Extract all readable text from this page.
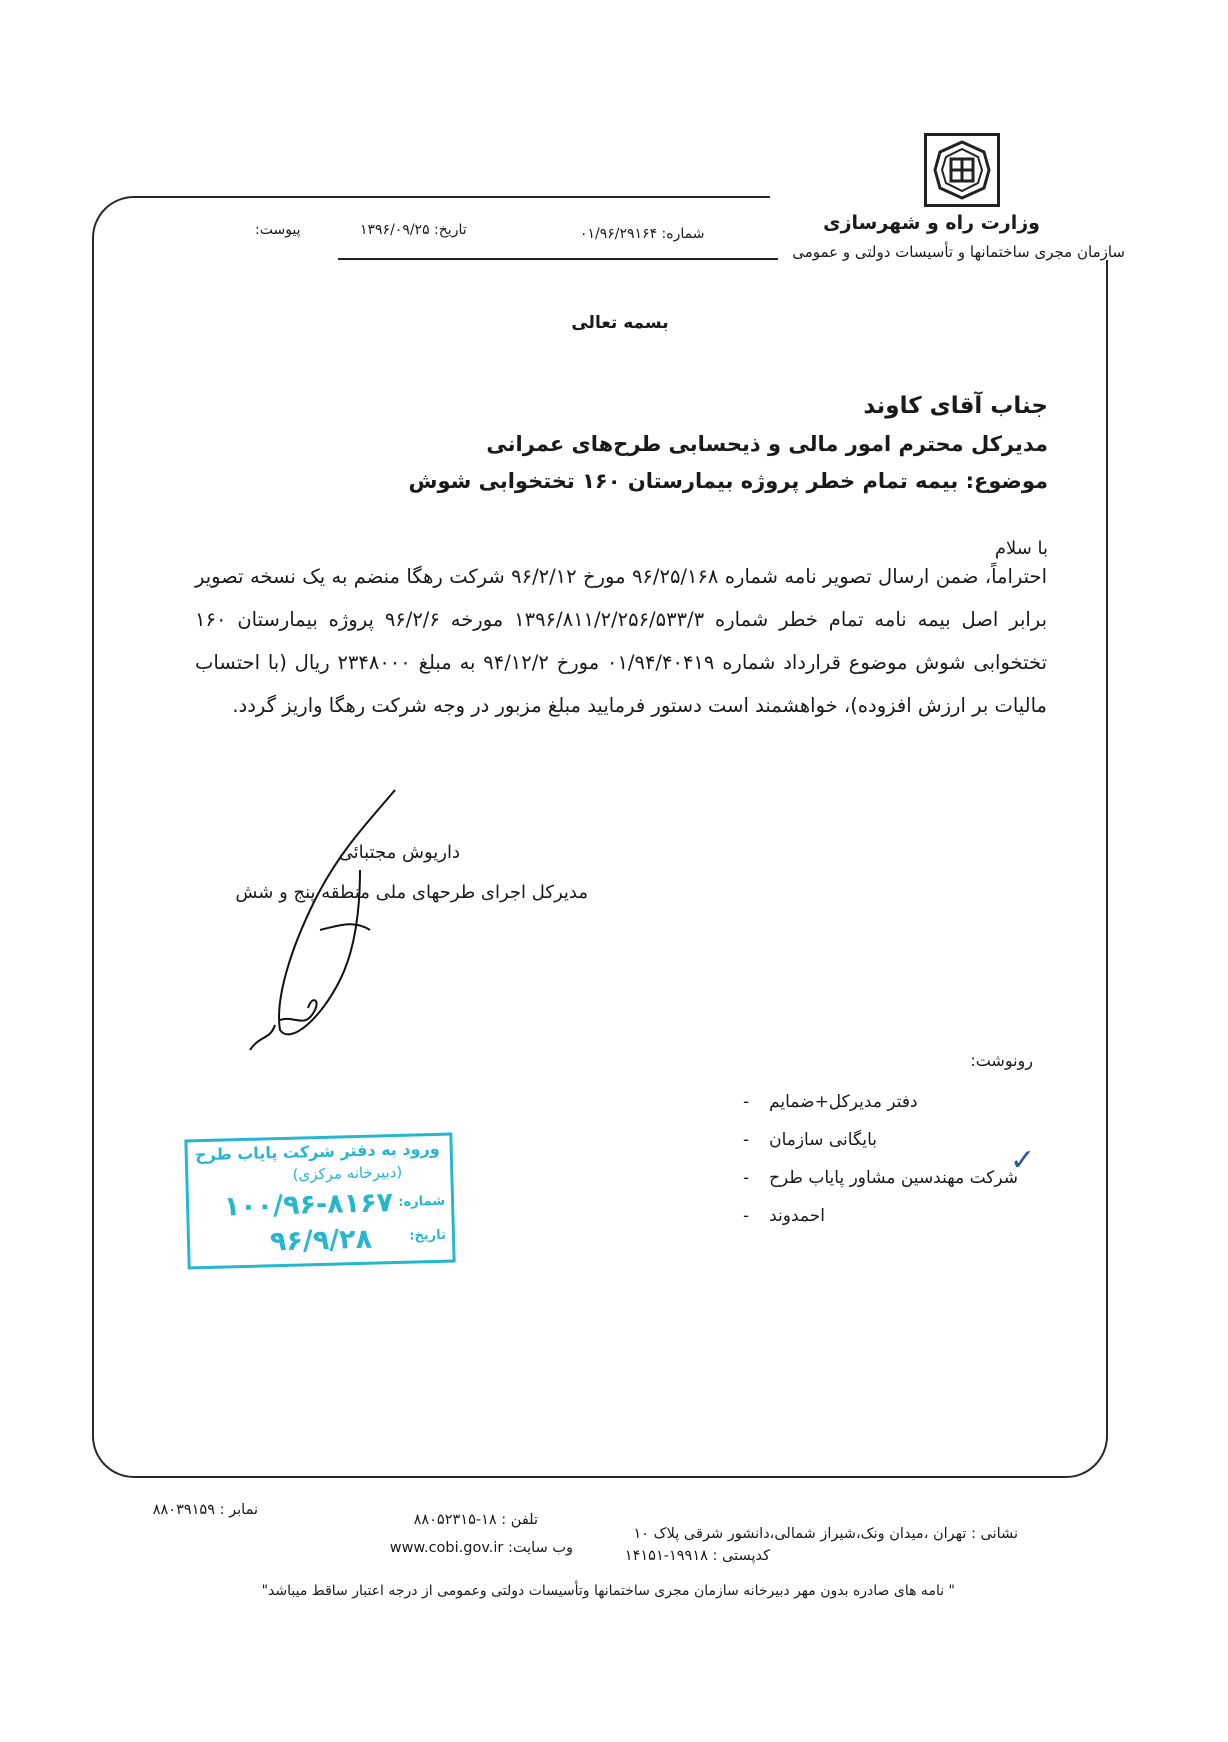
وزارت راه و شهرسازی
سازمان مجری ساختمانها و تأسیسات دولتی و عمومی
شماره: ۰۱/۹۶/۲۹۱۶۴
تاریخ: ۱۳۹۶/۰۹/۲۵
پیوست:
بسمه تعالی
جناب آقای کاوند
مدیرکل محترم امور مالی و ذیحسابی طرح‌های عمرانی
موضوع: بیمه تمام خطر پروژه بیمارستان ۱۶۰ تختخوابی شوش
با سلام
احتراماً، ضمن ارسال تصویر نامه شماره ۹۶/۲۵/۱۶۸ مورخ ۹۶/۲/۱۲ شرکت رهگا منضم به یک نسخه تصویر برابر اصل بیمه نامه تمام خطر شماره ۱۳۹۶/۸۱۱/۲/۲۵۶/۵۳۳/۳ مورخه ۹۶/۲/۶ پروژه بیمارستان ۱۶۰ تختخوابی شوش موضوع قرارداد شماره ۰۱/۹۴/۴۰۴۱۹ مورخ ۹۴/۱۲/۲ به مبلغ ۲۳۴۸۰۰۰ ریال (با احتساب مالیات بر ارزش افزوده)، خواهشمند است دستور فرمایید مبلغ مزبور در وجه شرکت رهگا واریز گردد.
داریوش مجتبائی
مدیرکل اجرای طرحهای ملی منطقه پنج و شش
رونوشت:
- دفتر مدیرکل+ضمایم
- بایگانی سازمان
- شرکت مهندسین مشاور پایاب طرح
- احمدوند
✓
ورود به دفتر شرکت پایاب طرح
(دبیرخانه مرکزی)
شماره:
۱۰۰/۹۶-۸۱۶۷
تاریخ:
۹۶/۹/۲۸
نشانی : تهران ،میدان ونک،شیراز شمالی،دانشور شرقی پلاک ۱۰
تلفن : ۱۸-۸۸۰۵۲۳۱۵
نمابر : ۸۸۰۳۹۱۵۹
کدپستی : ۱۹۹۱۸-۱۴۱۵۱
وب سایت: www.cobi.gov.ir
" نامه های صادره بدون مهر دبیرخانه سازمان مجری ساختمانها وتأسیسات دولتی وعمومی از درجه اعتبار ساقط میباشد"
